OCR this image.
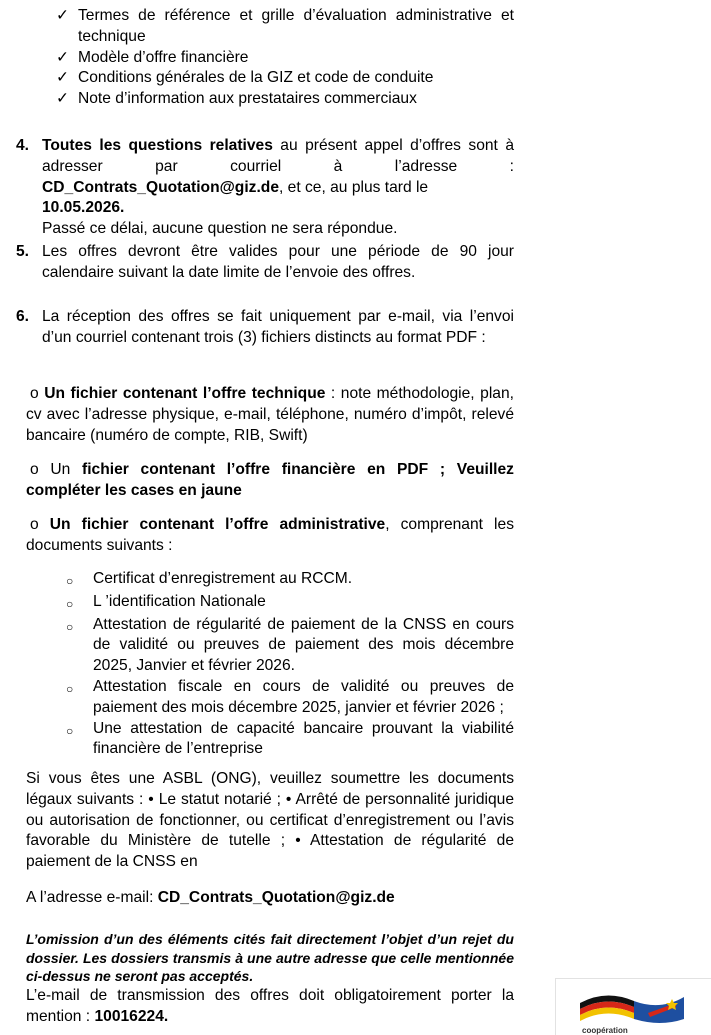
✓ Termes de référence et grille d’évaluation administrative et technique
✓ Modèle d’offre financière
✓ Conditions générales de la GIZ et code de conduite
✓ Note d’information aux prestataires commerciaux
4. Toutes les questions relatives au présent appel d’offres sont à
adresser par courriel à l’adresse :
CD_Contrats_Quotation@giz.de, et ce, au plus tard le 10.05.2026.
Passé ce délai, aucune question ne sera répondue.
5. Les offres devront être valides pour une période de 90 jour calendaire suivant la date limite de l’envoie des offres.
6. La réception des offres se fait uniquement par e-mail, via l’envoi d’un courriel contenant trois (3) fichiers distincts au format PDF :
o Un fichier contenant l’offre technique : note méthodologie, plan, cv avec l’adresse physique, e-mail, téléphone, numéro d’impôt, relevé bancaire (numéro de compte, RIB, Swift)
o Un fichier contenant l’offre financière en PDF ; Veuillez compléter les cases en jaune
o Un fichier contenant l’offre administrative, comprenant les documents suivants :
○	Certificat d’enregistrement au RCCM.
○	L ’identification Nationale
○	Attestation de régularité de paiement de la CNSS en cours de validité ou preuves de paiement des mois décembre 2025, Janvier et février 2026.
○	Attestation fiscale en cours de validité ou preuves de paiement des mois décembre 2025, janvier et février 2026 ;
○	Une attestation de capacité bancaire prouvant la viabilité financière de l’entreprise
Si vous êtes une ASBL (ONG), veuillez soumettre les documents légaux suivants : • Le statut notarié ; • Arrêté de personnalité juridique ou autorisation de fonctionner, ou certificat d’enregistrement ou l’avis favorable du Ministère de tutelle ; • Attestation de régularité de paiement de la CNSS en
A l’adresse e-mail: CD_Contrats_Quotation@giz.de
L’omission d’un des éléments cités fait directement l’objet d’un rejet du dossier. Les dossiers transmis à une autre adresse que celle mentionnée ci-dessus ne seront pas acceptés.
L’e-mail de transmission des offres doit obligatoirement porter la mention : 10016224.
coopération
